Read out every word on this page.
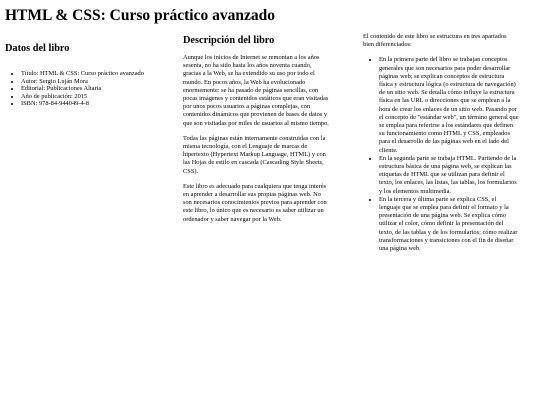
HTML & CSS: Curso práctico avanzado
Datos del libro
• Título: HTML & CSS: Curso práctico avanzado
• Autor: Sergio Luján Mora
• Editorial: Publicaciones Altaria
• Año de publicación: 2015
• ISBN: 978-84-944049-4-8
Descripción del libro

Aunque los inicios de Internet se remontan a los años sesenta, no ha sido hasta los años noventa cuando, gracias a la Web, se ha extendido su uso por todo el mundo. En pocos años, la Web ha evolucionado enormemente: se ha pasado de páginas sencillas, con pocas imágenes y contenidos estáticos que eran visitadas por unos pocos usuarios a páginas complejas, con contenidos dinámicos que provienen de bases de datos y que son visitadas por miles de usuarios al mismo tiempo.

Todas las páginas están internamente construidas con la misma tecnología, con el Lenguaje de marcas de hipertexto (Hypertext Markup Language, HTML) y con las Hojas de estilo en cascada (Cascading Style Sheets, CSS).

Este libro es adecuado para cualquiera que tenga interés en aprender a desarrollar sus propias páginas web. No son necesarios conocimientos previos para aprender con este libro, lo único que es necesario es saber utilizar un ordenador y saber navegar por la Web.

El contenido de este libro se estructura en tres apartados bien diferenciados:

• En la primera parte del libro se trabajan conceptos generales que son necesarios para poder desarrollar páginas web; se explican conceptos de estructura física y estructura lógica (o estructura de navegación) de un sitio web. Se detalla cómo influye la estructura física en las URL o direcciones que se emplean a la hora de crear los enlaces de un sitio web. Pasando por el concepto de "estándar web", un término general que se emplea para referirse a los estándares que definen su funcionamiento como HTML y CSS, empleados para el desarrollo de las páginas web en el lado del cliente.
• En la segunda parte se trabaja HTML. Partiendo de la estructura básica de una página web, se explican las etiquetas de HTML que se utilizan para definir el texto, los enlaces, las listas, las tablas, los formularios y los elementos multimedia.
• En la tercera y última parte se explica CSS, el lenguaje que se emplea para definir el formato y la presentación de una página web. Se explica cómo utilizar el color, cómo definir la presentación del texto, de las tablas y de los formularios; cómo realizar transformaciones y transiciones con el fin de diseñar una página web.
